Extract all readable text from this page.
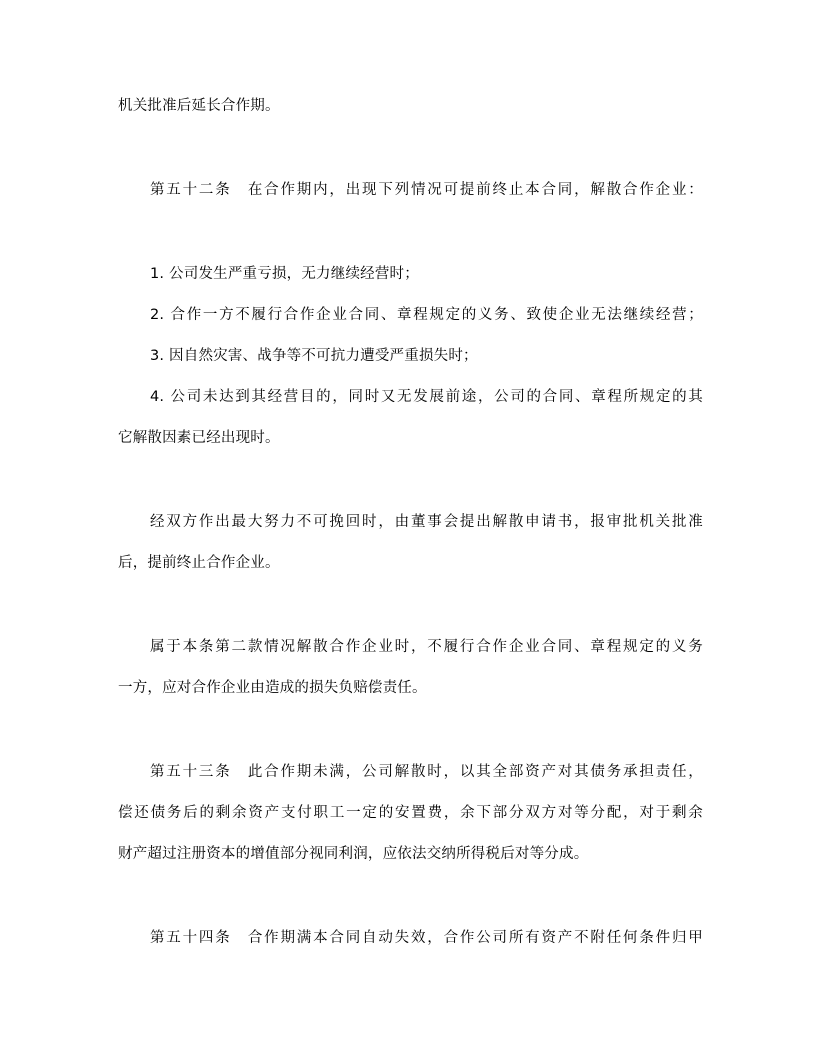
机关批准后延长合作期。
第五十二条　在合作期内，出现下列情况可提前终止本合同，解散合作企业：
1. 公司发生严重亏损，无力继续经营时；
2. 合作一方不履行合作企业合同、章程规定的义务、致使企业无法继续经营；
3. 因自然灾害、战争等不可抗力遭受严重损失时；
4. 公司未达到其经营目的，同时又无发展前途，公司的合同、章程所规定的其
它解散因素已经出现时。
经双方作出最大努力不可挽回时，由董事会提出解散申请书，报审批机关批准
后，提前终止合作企业。
属于本条第二款情况解散合作企业时，不履行合作企业合同、章程规定的义务
一方，应对合作企业由造成的损失负赔偿责任。
第五十三条　此合作期未满，公司解散时，以其全部资产对其债务承担责任，
偿还债务后的剩余资产支付职工一定的安置费，余下部分双方对等分配，对于剩余
财产超过注册资本的增值部分视同利润，应依法交纳所得税后对等分成。
第五十四条　合作期满本合同自动失效，合作公司所有资产不附任何条件归甲
